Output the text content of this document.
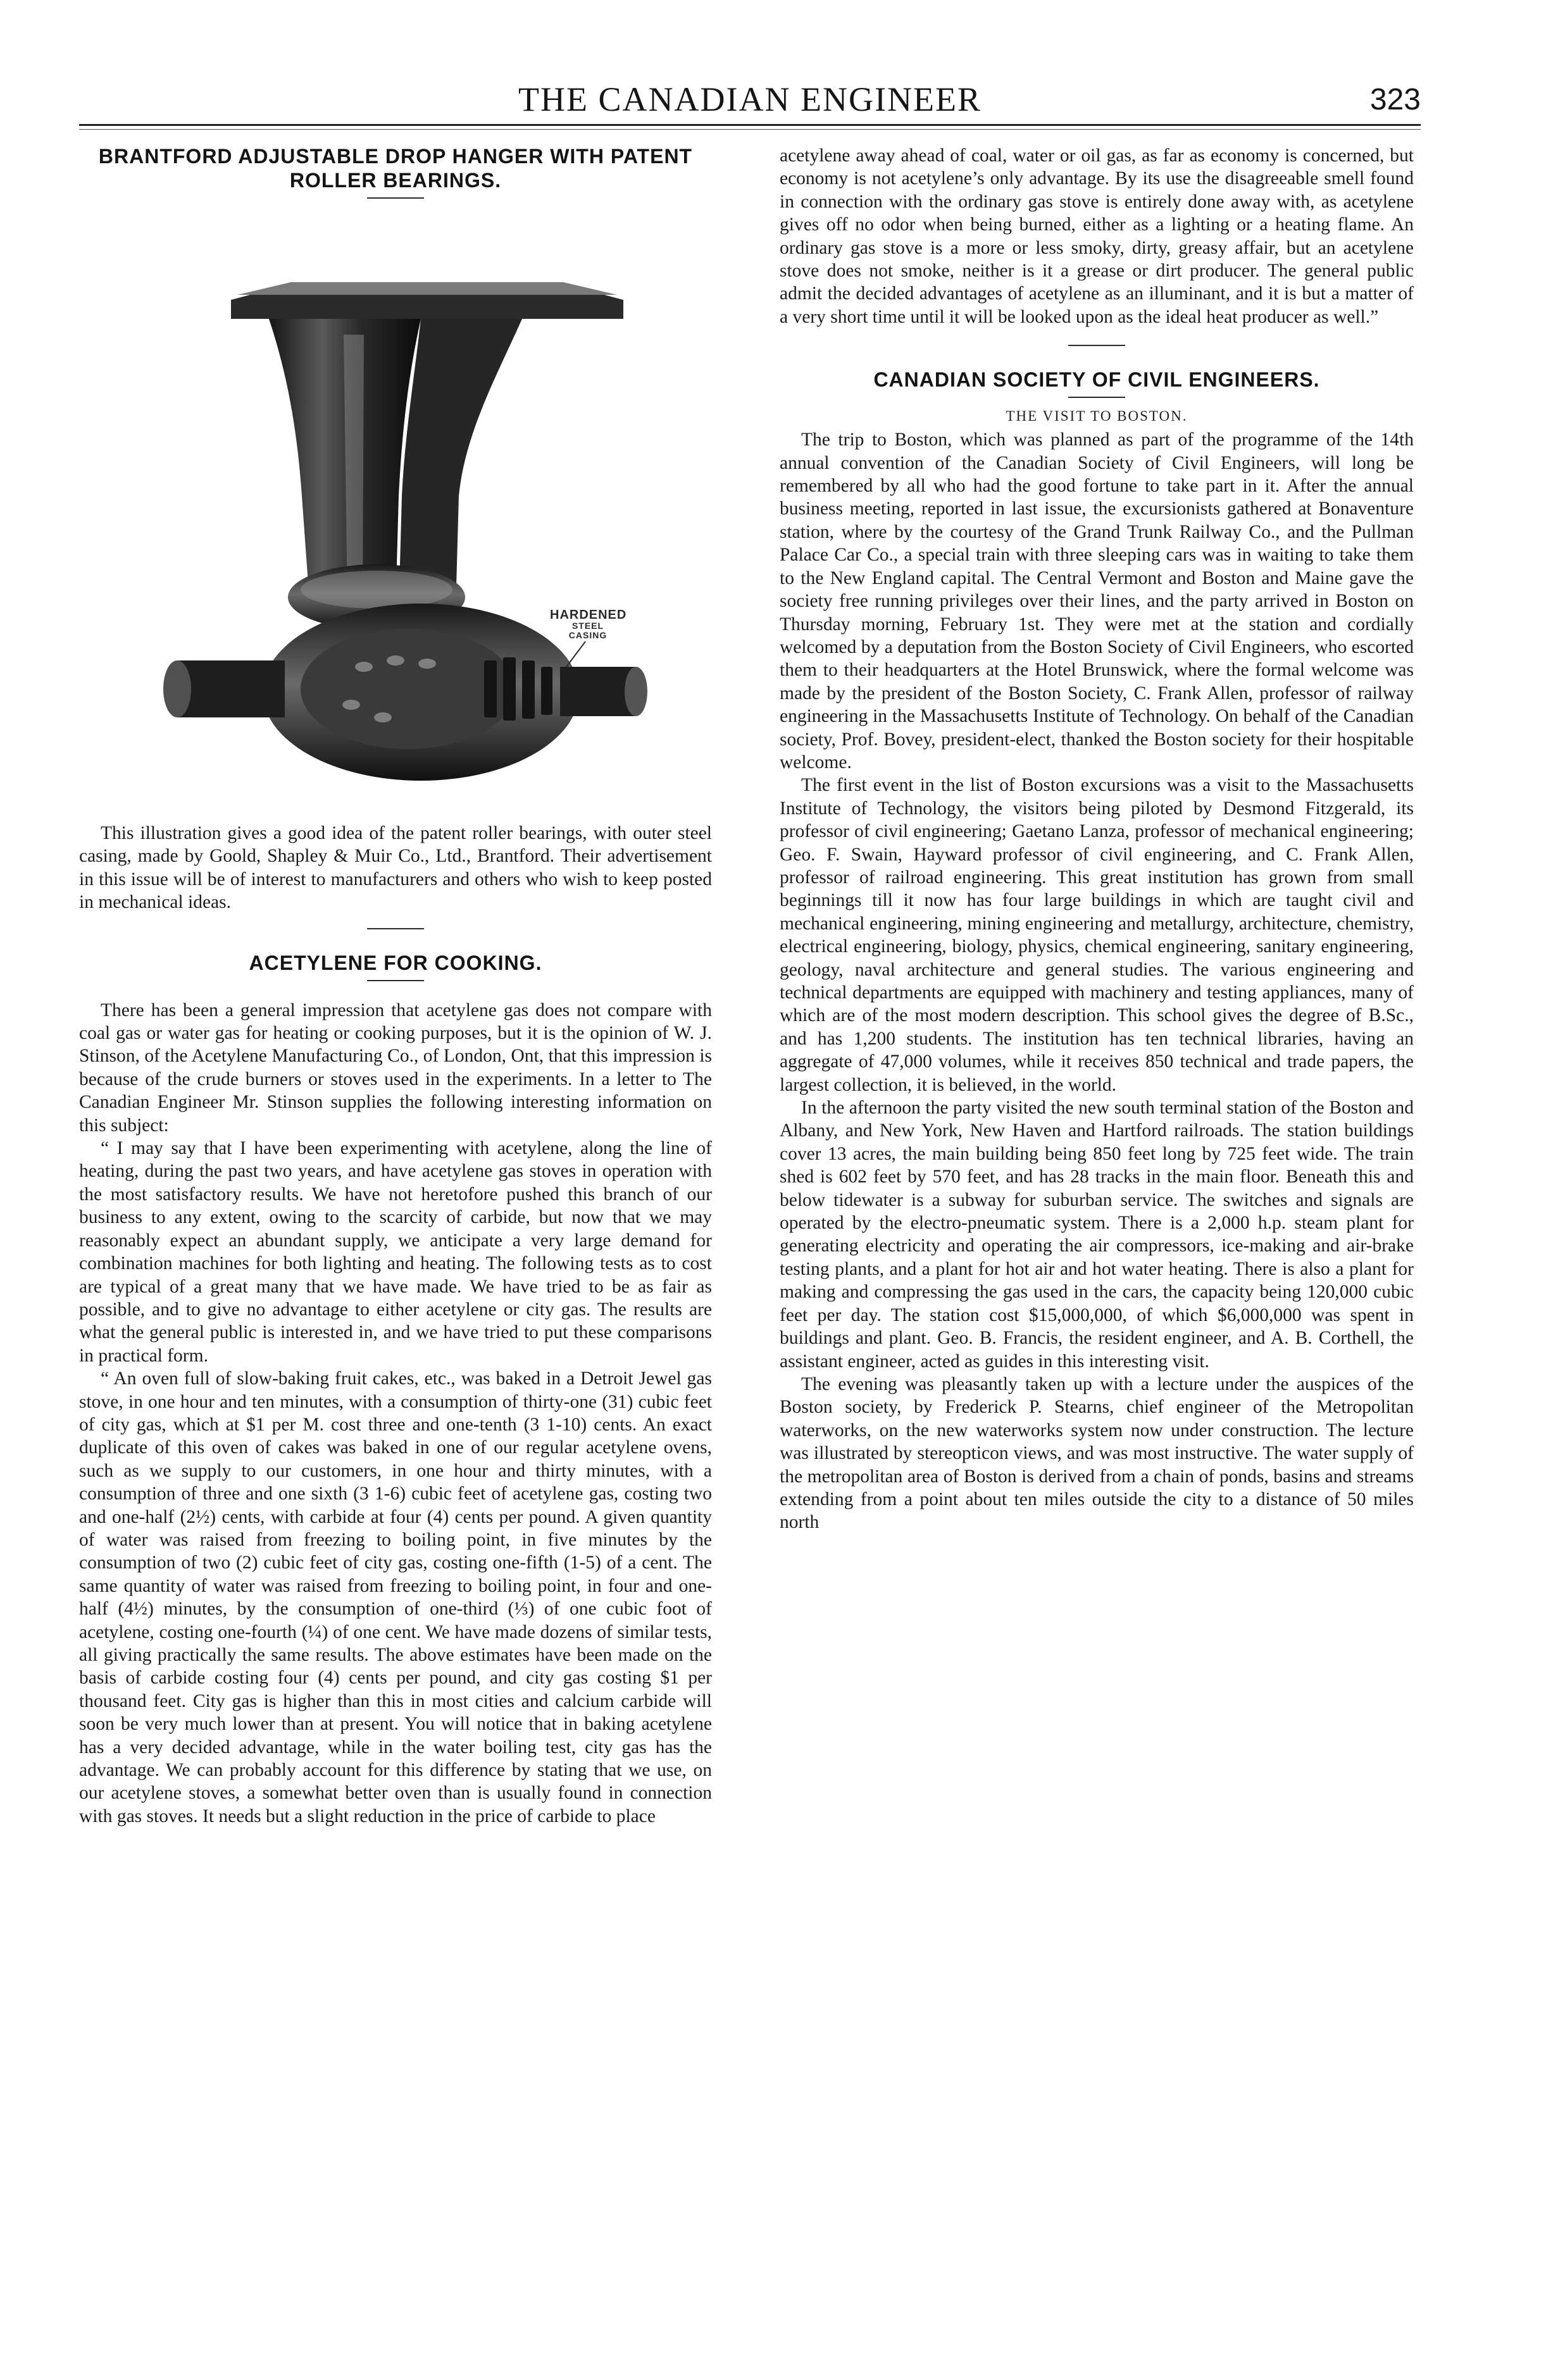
THE CANADIAN ENGINEER	323
BRANTFORD ADJUSTABLE DROP HANGER WITH PATENT ROLLER BEARINGS.
HARDENED
STEEL
CASING

This illustration gives a good idea of the patent roller bearings, with outer steel casing, made by Goold, Shapley & Muir Co., Ltd., Brantford. Their advertisement in this issue will be of interest to manufacturers and others who wish to keep posted in mechanical ideas.

ACETYLENE FOR COOKING.

There has been a general impression that acetylene gas does not compare with coal gas or water gas for heating or cooking purposes, but it is the opinion of W. J. Stinson, of the Acetylene Manufacturing Co., of London, Ont, that this impression is because of the crude burners or stoves used in the experiments. In a letter to The Canadian Engineer Mr. Stinson supplies the following interesting information on this subject:

“ I may say that I have been experimenting with acetylene, along the line of heating, during the past two years, and have acetylene gas stoves in operation with the most satisfactory results. We have not heretofore pushed this branch of our business to any extent, owing to the scarcity of carbide, but now that we may reasonably expect an abundant supply, we anticipate a very large demand for combination machines for both lighting and heating. The following tests as to cost are typical of a great many that we have made. We have tried to be as fair as possible, and to give no advantage to either acetylene or city gas. The results are what the general public is interested in, and we have tried to put these comparisons in practical form.

“ An oven full of slow-baking fruit cakes, etc., was baked in a Detroit Jewel gas stove, in one hour and ten minutes, with a consumption of thirty-one (31) cubic feet of city gas, which at $1 per M. cost three and one-tenth (3 1-10) cents. An exact duplicate of this oven of cakes was baked in one of our regular acetylene ovens, such as we supply to our customers, in one hour and thirty minutes, with a consumption of three and one sixth (3 1-6) cubic feet of acetylene gas, costing two and one-half (2½) cents, with carbide at four (4) cents per pound. A given quantity of water was raised from freezing to boiling point, in five minutes by the consumption of two (2) cubic feet of city gas, costing one-fifth (1-5) of a cent. The same quantity of water was raised from freezing to boiling point, in four and one-half (4½) minutes, by the consumption of one-third (⅓) of one cubic foot of acetylene, costing one-fourth (¼) of one cent. We have made dozens of similar tests, all giving practically the same results. The above estimates have been made on the basis of carbide costing four (4) cents per pound, and city gas costing $1 per thousand feet. City gas is higher than this in most cities and calcium carbide will soon be very much lower than at present. You will notice that in baking acetylene has a very decided advantage, while in the water boiling test, city gas has the advantage. We can probably account for this difference by stating that we use, on our acetylene stoves, a somewhat better oven than is usually found in connection with gas stoves. It needs but a slight reduction in the price of carbide to place

acetylene away ahead of coal, water or oil gas, as far as economy is concerned, but economy is not acetylene’s only advantage. By its use the disagreeable smell found in connection with the ordinary gas stove is entirely done away with, as acetylene gives off no odor when being burned, either as a lighting or a heating flame. An ordinary gas stove is a more or less smoky, dirty, greasy affair, but an acetylene stove does not smoke, neither is it a grease or dirt producer. The general public admit the decided advantages of acetylene as an illuminant, and it is but a matter of a very short time until it will be looked upon as the ideal heat producer as well.”

CANADIAN SOCIETY OF CIVIL ENGINEERS.
THE VISIT TO BOSTON.

The trip to Boston, which was planned as part of the programme of the 14th annual convention of the Canadian Society of Civil Engineers, will long be remembered by all who had the good fortune to take part in it. After the annual business meeting, reported in last issue, the excursionists gathered at Bonaventure station, where by the courtesy of the Grand Trunk Railway Co., and the Pullman Palace Car Co., a special train with three sleeping cars was in waiting to take them to the New England capital. The Central Vermont and Boston and Maine gave the society free running privileges over their lines, and the party arrived in Boston on Thursday morning, February 1st. They were met at the station and cordially welcomed by a deputation from the Boston Society of Civil Engineers, who escorted them to their headquarters at the Hotel Brunswick, where the formal welcome was made by the president of the Boston Society, C. Frank Allen, professor of railway engineering in the Massachusetts Institute of Technology. On behalf of the Canadian society, Prof. Bovey, president-elect, thanked the Boston society for their hospitable welcome.

The first event in the list of Boston excursions was a visit to the Massachusetts Institute of Technology, the visitors being piloted by Desmond Fitzgerald, its professor of civil engineering; Gaetano Lanza, professor of mechanical engineering; Geo. F. Swain, Hayward professor of civil engineering, and C. Frank Allen, professor of railroad engineering. This great institution has grown from small beginnings till it now has four large buildings in which are taught civil and mechanical engineering, mining engineering and metallurgy, architecture, chemistry, electrical engineering, biology, physics, chemical engineering, sanitary engineering, geology, naval architecture and general studies. The various engineering and technical departments are equipped with machinery and testing appliances, many of which are of the most modern description. This school gives the degree of B.Sc., and has 1,200 students. The institution has ten technical libraries, having an aggregate of 47,000 volumes, while it receives 850 technical and trade papers, the largest collection, it is believed, in the world.

In the afternoon the party visited the new south terminal station of the Boston and Albany, and New York, New Haven and Hartford railroads. The station buildings cover 13 acres, the main building being 850 feet long by 725 feet wide. The train shed is 602 feet by 570 feet, and has 28 tracks in the main floor. Beneath this and below tidewater is a subway for suburban service. The switches and signals are operated by the electro-pneumatic system. There is a 2,000 h.p. steam plant for generating electricity and operating the air compressors, ice-making and air-brake testing plants, and a plant for hot air and hot water heating. There is also a plant for making and compressing the gas used in the cars, the capacity being 120,000 cubic feet per day. The station cost $15,000,000, of which $6,000,000 was spent in buildings and plant. Geo. B. Francis, the resident engineer, and A. B. Corthell, the assistant engineer, acted as guides in this interesting visit.

The evening was pleasantly taken up with a lecture under the auspices of the Boston society, by Frederick P. Stearns, chief engineer of the Metropolitan waterworks, on the new waterworks system now under construction. The lecture was illustrated by stereopticon views, and was most instructive. The water supply of the metropolitan area of Boston is derived from a chain of ponds, basins and streams extending from a point about ten miles outside the city to a distance of 50 miles north
